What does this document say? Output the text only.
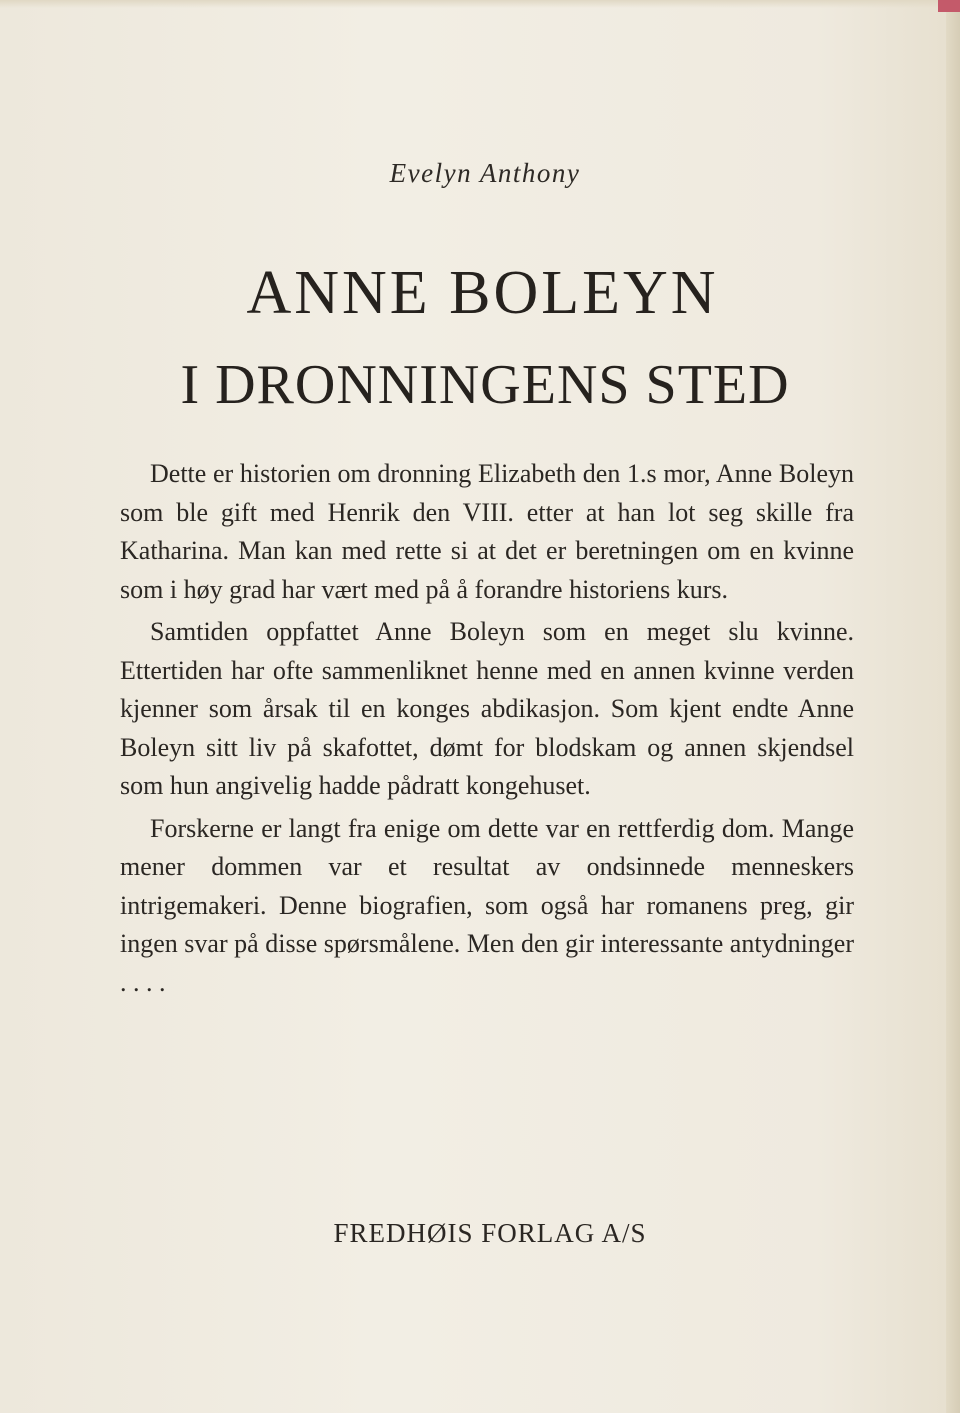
Evelyn Anthony
ANNE BOLEYN
I DRONNINGENS STED

Dette er historien om dronning Elizabeth den 1.s mor, Anne Boleyn som ble gift med Henrik den VIII. etter at han lot seg skille fra Katharina. Man kan med rette si at det er beretningen om en kvinne som i høy grad har vært med på å forandre historiens kurs.

Samtiden oppfattet Anne Boleyn som en meget slu kvinne. Ettertiden har ofte sammenliknet henne med en annen kvinne verden kjenner som årsak til en konges abdikasjon. Som kjent endte Anne Boleyn sitt liv på skafottet, dømt for blodskam og annen skjendsel som hun angivelig hadde pådratt kongehuset.

Forskerne er langt fra enige om dette var en rettferdig dom. Mange mener dommen var et resultat av ondsinnede menneskers intrigemakeri. Denne biografien, som også har romanens preg, gir ingen svar på disse spørsmålene. Men den gir interessante antydninger . . . .

FREDHØIS FORLAG A/S
